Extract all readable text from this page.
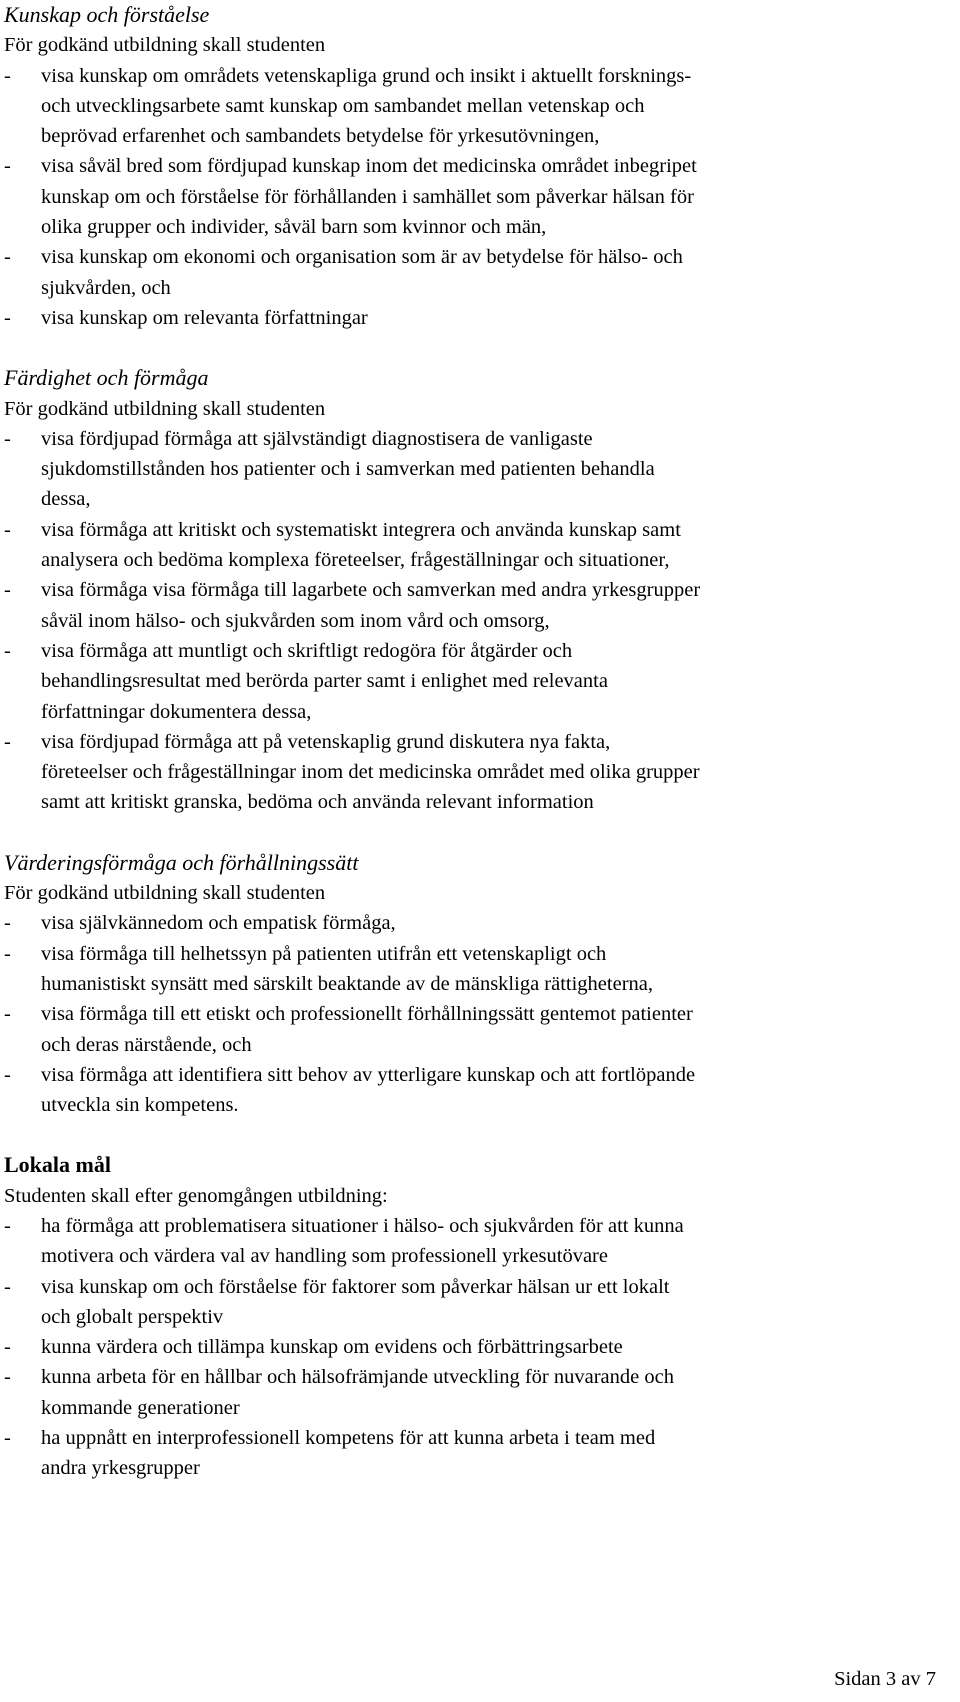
Kunskap och förståelse
För godkänd utbildning skall studenten
-	visa kunskap om områdets vetenskapliga grund och insikt i aktuellt forsknings-
och utvecklingsarbete samt kunskap om sambandet mellan vetenskap och
beprövad erfarenhet och sambandets betydelse för yrkesutövningen,
-	visa såväl bred som fördjupad kunskap inom det medicinska området inbegripet
kunskap om och förståelse för förhållanden i samhället som påverkar hälsan för
olika grupper och individer, såväl barn som kvinnor och män,
-	visa kunskap om ekonomi och organisation som är av betydelse för hälso- och
sjukvården, och
-	visa kunskap om relevanta författningar
Färdighet och förmåga
För godkänd utbildning skall studenten
-	visa fördjupad förmåga att självständigt diagnostisera de vanligaste
sjukdomstillstånden hos patienter och i samverkan med patienten behandla
dessa,
-	visa förmåga att kritiskt och systematiskt integrera och använda kunskap samt
analysera och bedöma komplexa företeelser, frågeställningar och situationer,
-	visa förmåga visa förmåga till lagarbete och samverkan med andra yrkesgrupper
såväl inom hälso- och sjukvården som inom vård och omsorg,
-	visa förmåga att muntligt och skriftligt redogöra för åtgärder och
behandlingsresultat med berörda parter samt i enlighet med relevanta
författningar dokumentera dessa,
-	visa fördjupad förmåga att på vetenskaplig grund diskutera nya fakta,
företeelser och frågeställningar inom det medicinska området med olika grupper
samt att kritiskt granska, bedöma och använda relevant information
Värderingsförmåga och förhållningssätt
För godkänd utbildning skall studenten
-	visa självkännedom och empatisk förmåga,
-	visa förmåga till helhetssyn på patienten utifrån ett vetenskapligt och
humanistiskt synsätt med särskilt beaktande av de mänskliga rättigheterna,
-	visa förmåga till ett etiskt och professionellt förhållningssätt gentemot patienter
och deras närstående, och
-	visa förmåga att identifiera sitt behov av ytterligare kunskap och att fortlöpande
utveckla sin kompetens.
Lokala mål
Studenten skall efter genomgången utbildning:
-	ha förmåga att problematisera situationer i hälso- och sjukvården för att kunna
motivera och värdera val av handling som professionell yrkesutövare
-	visa kunskap om och förståelse för faktorer som påverkar hälsan ur ett lokalt
och globalt perspektiv
-	kunna värdera och tillämpa kunskap om evidens och förbättringsarbete
-	kunna arbeta för en hållbar och hälsofrämjande utveckling för nuvarande och
kommande generationer
-	ha uppnått en interprofessionell kompetens för att kunna arbeta i team med
andra yrkesgrupper
Sidan 3 av 7
